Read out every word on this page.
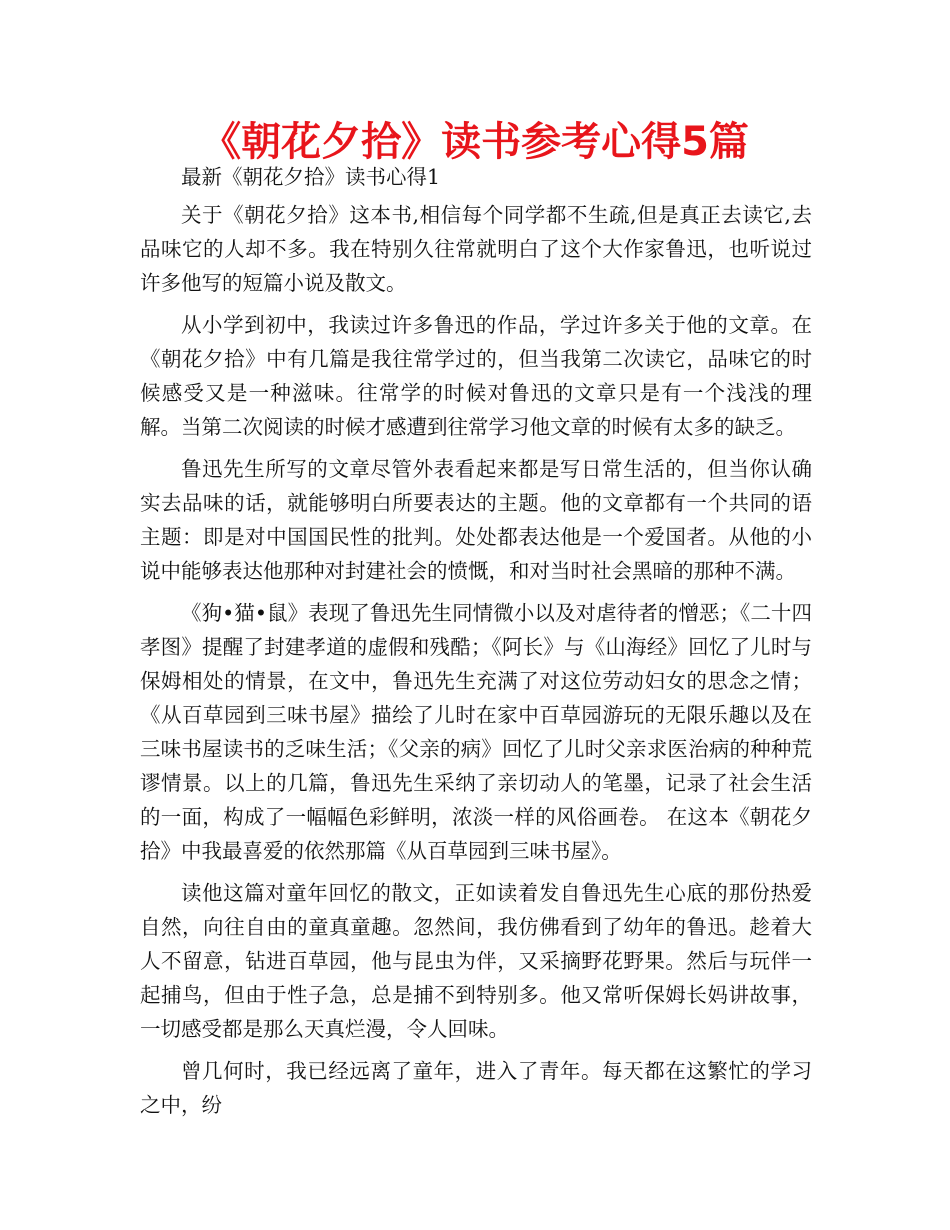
《朝花夕拾》读书参考心得5篇

最新《朝花夕拾》读书心得1

关于《朝花夕拾》这本书,相信每个同学都不生疏,但是真正去读它,去品味它的人却不多。我在特别久往常就明白了这个大作家鲁迅，也听说过许多他写的短篇小说及散文。

从小学到初中，我读过许多鲁迅的作品，学过许多关于他的文章。在《朝花夕拾》中有几篇是我往常学过的，但当我第二次读它，品味它的时候感受又是一种滋味。往常学的时候对鲁迅的文章只是有一个浅浅的理解。当第二次阅读的时候才感遭到往常学习他文章的时候有太多的缺乏。

鲁迅先生所写的文章尽管外表看起来都是写日常生活的，但当你认确实去品味的话，就能够明白所要表达的主题。他的文章都有一个共同的语主题：即是对中国国民性的批判。处处都表达他是一个爱国者。从他的小说中能够表达他那种对封建社会的愤慨，和对当时社会黑暗的那种不满。

《狗•猫•鼠》表现了鲁迅先生同情微小以及对虐待者的憎恶；《二十四孝图》提醒了封建孝道的虚假和残酷；《阿长》与《山海经》回忆了儿时与保姆相处的情景，在文中，鲁迅先生充满了对这位劳动妇女的思念之情；《从百草园到三味书屋》描绘了儿时在家中百草园游玩的无限乐趣以及在三味书屋读书的乏味生活；《父亲的病》回忆了儿时父亲求医治病的种种荒谬情景。以上的几篇，鲁迅先生采纳了亲切动人的笔墨，记录了社会生活的一面，构成了一幅幅色彩鲜明，浓淡一样的风俗画卷。 在这本《朝花夕拾》中我最喜爱的依然那篇《从百草园到三味书屋》。

读他这篇对童年回忆的散文，正如读着发自鲁迅先生心底的那份热爱自然，向往自由的童真童趣。忽然间，我仿佛看到了幼年的鲁迅。趁着大人不留意，钻进百草园，他与昆虫为伴，又采摘野花野果。然后与玩伴一起捕鸟，但由于性子急，总是捕不到特别多。他又常听保姆长妈讲故事， 一切感受都是那么天真烂漫，令人回味。

曾几何时，我已经远离了童年，进入了青年。每天都在这繁忙的学习之中，纷
